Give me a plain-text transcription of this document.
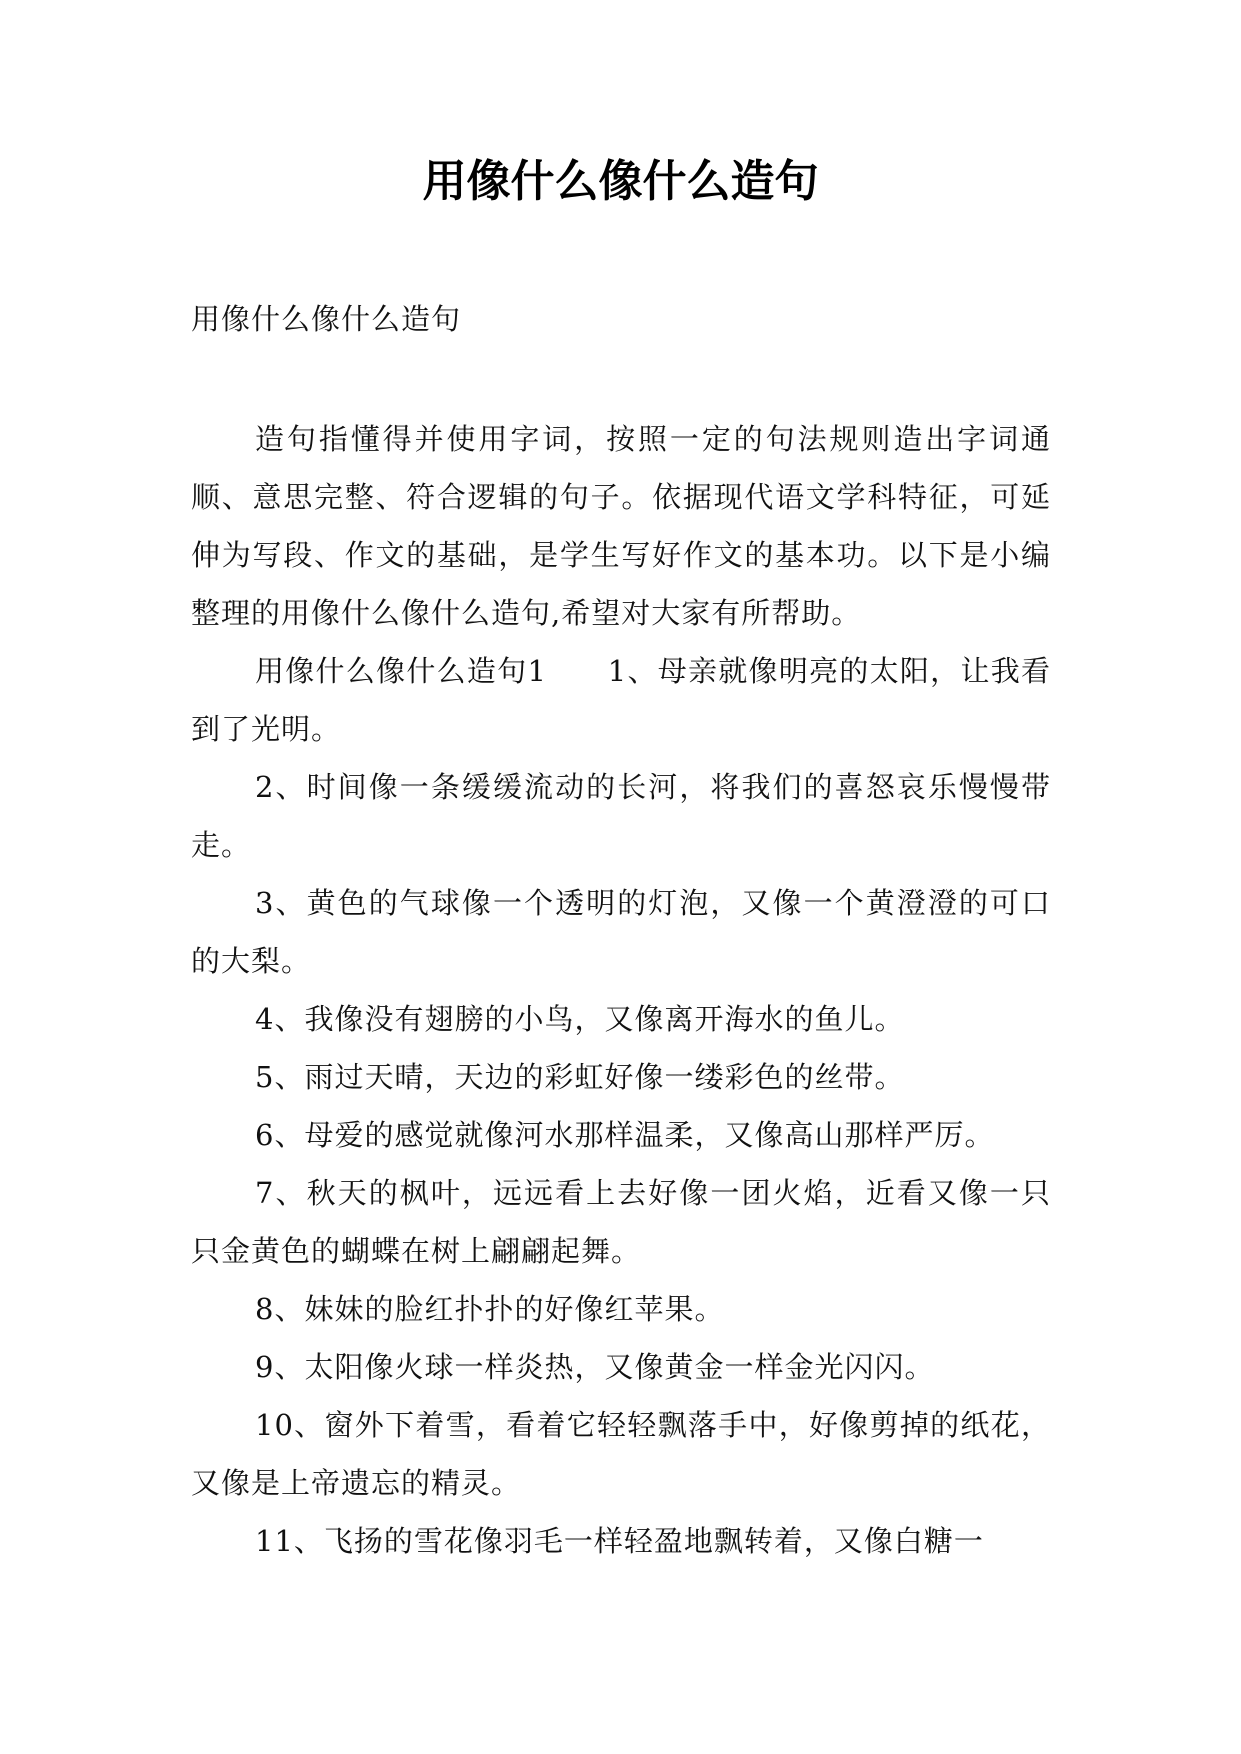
用像什么像什么造句

用像什么像什么造句

造句指懂得并使用字词，按照一定的句法规则造出字词通顺、意思完整、符合逻辑的句子。依据现代语文学科特征，可延伸为写段、作文的基础，是学生写好作文的基本功。以下是小编整理的用像什么像什么造句,希望对大家有所帮助。

用像什么像什么造句1　　1、母亲就像明亮的太阳，让我看到了光明。

2、时间像一条缓缓流动的长河，将我们的喜怒哀乐慢慢带走。

3、黄色的气球像一个透明的灯泡，又像一个黄澄澄的可口的大梨。

4、我像没有翅膀的小鸟，又像离开海水的鱼儿。

5、雨过天晴，天边的彩虹好像一缕彩色的丝带。

6、母爱的感觉就像河水那样温柔，又像高山那样严厉。

7、秋天的枫叶，远远看上去好像一团火焰，近看又像一只只金黄色的蝴蝶在树上翩翩起舞。

8、妹妹的脸红扑扑的好像红苹果。

9、太阳像火球一样炎热，又像黄金一样金光闪闪。

10、窗外下着雪，看着它轻轻飘落手中，好像剪掉的纸花，又像是上帝遗忘的精灵。

11、飞扬的雪花像羽毛一样轻盈地飘转着，又像白糖一
